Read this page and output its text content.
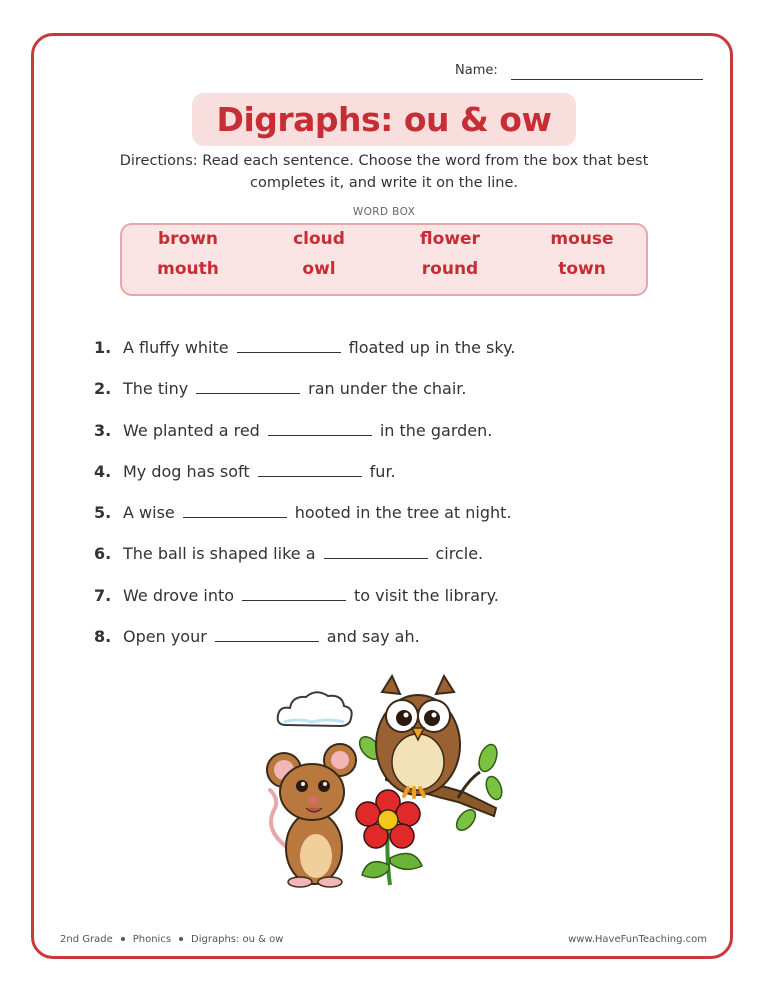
Name:
Digraphs: ou & ow
Directions: Read each sentence. Choose the word from the box that best completes it, and write it on the line.
WORD BOX
brown	cloud	flower	mouse
mouth	owl	round	town
1. A fluffy white	floated up in the sky.
2. The tiny	ran under the chair.
3. We planted a red	in the garden.
4. My dog has soft	fur.
5. A wise	hooted in the tree at night.
6. The ball is shaped like a	circle.
7. We drove into	to visit the library.
8. Open your	and say ah.
2nd Grade Phonics Digraphs: ou & ow	www.HaveFunTeaching.com
